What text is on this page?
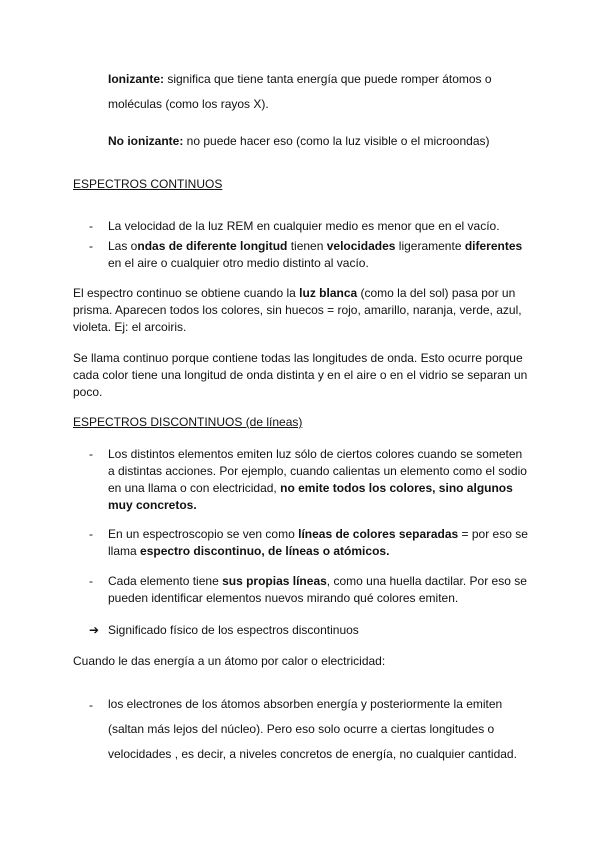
Ionizante: significa que tiene tanta energía que puede romper átomos o moléculas (como los rayos X).

No ionizante: no puede hacer eso (como la luz visible o el microondas)

ESPECTROS CONTINUOS

- La velocidad de la luz REM en cualquier medio es menor que en el vacío.

- Las ondas de diferente longitud tienen velocidades ligeramente diferentes en el aire o cualquier otro medio distinto al vacío.

El espectro continuo se obtiene cuando la luz blanca (como la del sol) pasa por un prisma. Aparecen todos los colores, sin huecos = rojo, amarillo, naranja, verde, azul, violeta. Ej: el arcoiris.

Se llama continuo porque contiene todas las longitudes de onda. Esto ocurre porque cada color tiene una longitud de onda distinta y en el aire o en el vidrio se separan un poco.

ESPECTROS DISCONTINUOS (de líneas)

- Los distintos elementos emiten luz sólo de ciertos colores cuando se someten a distintas acciones. Por ejemplo, cuando calientas un elemento como el sodio en una llama o con electricidad, no emite todos los colores, sino algunos muy concretos.

- En un espectroscopio se ven como líneas de colores separadas = por eso se llama espectro discontinuo, de líneas o atómicos.

- Cada elemento tiene sus propias líneas, como una huella dactilar. Por eso se pueden identificar elementos nuevos mirando qué colores emiten.

➔ Significado físico de los espectros discontinuos

Cuando le das energía a un átomo por calor o electricidad:

- los electrones de los átomos absorben energía y posteriormente la emiten (saltan más lejos del núcleo). Pero eso solo ocurre a ciertas longitudes o velocidades , es decir, a niveles concretos de energía, no cualquier cantidad.
